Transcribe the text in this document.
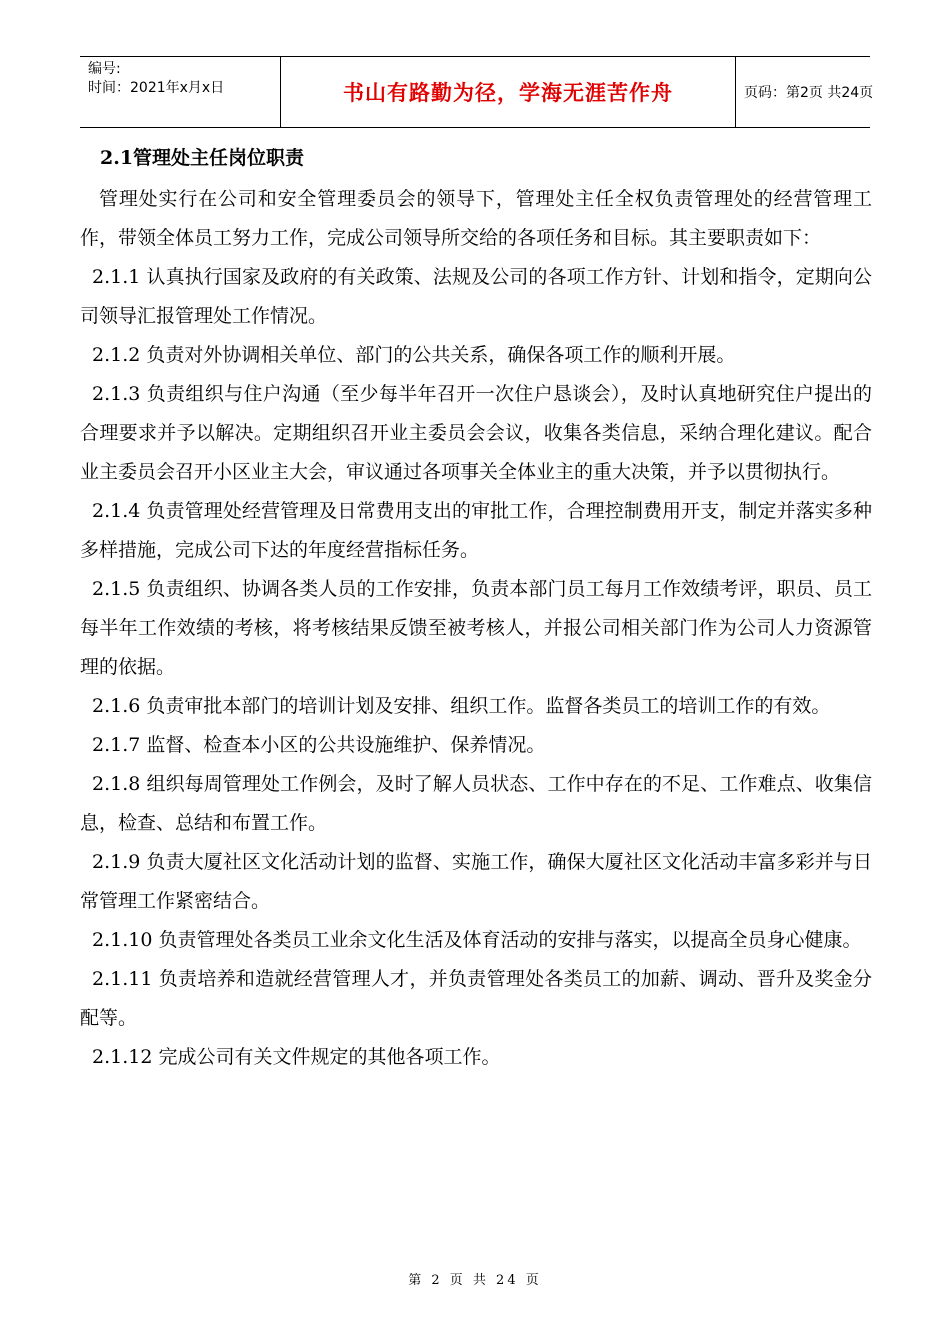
编号:
时间：2021年x月x日	书山有路勤为径，学海无涯苦作舟	页码：第2页 共24页
2.1管理处主任岗位职责

管理处实行在公司和安全管理委员会的领导下，管理处主任全权负责管理处的经营管理工作，带领全体员工努力工作，完成公司领导所交给的各项任务和目标。其主要职责如下：

2.1.1 认真执行国家及政府的有关政策、法规及公司的各项工作方针、计划和指令，定期向公司领导汇报管理处工作情况。

2.1.2 负责对外协调相关单位、部门的公共关系，确保各项工作的顺利开展。

2.1.3 负责组织与住户沟通（至少每半年召开一次住户恳谈会），及时认真地研究住户提出的合理要求并予以解决。定期组织召开业主委员会会议，收集各类信息，采纳合理化建议。配合业主委员会召开小区业主大会，审议通过各项事关全体业主的重大决策，并予以贯彻执行。

2.1.4 负责管理处经营管理及日常费用支出的审批工作，合理控制费用开支，制定并落实多种多样措施，完成公司下达的年度经营指标任务。

2.1.5 负责组织、协调各类人员的工作安排，负责本部门员工每月工作效绩考评，职员、员工每半年工作效绩的考核，将考核结果反馈至被考核人，并报公司相关部门作为公司人力资源管理的依据。

2.1.6 负责审批本部门的培训计划及安排、组织工作。监督各类员工的培训工作的有效。

2.1.7 监督、检查本小区的公共设施维护、保养情况。

2.1.8 组织每周管理处工作例会，及时了解人员状态、工作中存在的不足、工作难点、收集信息，检查、总结和布置工作。

2.1.9 负责大厦社区文化活动计划的监督、实施工作，确保大厦社区文化活动丰富多彩并与日常管理工作紧密结合。

2.1.10 负责管理处各类员工业余文化生活及体育活动的安排与落实，以提高全员身心健康。

2.1.11 负责培养和造就经营管理人才，并负责管理处各类员工的加薪、调动、晋升及奖金分配等。

2.1.12 完成公司有关文件规定的其他各项工作。

第 2 页 共 24 页
